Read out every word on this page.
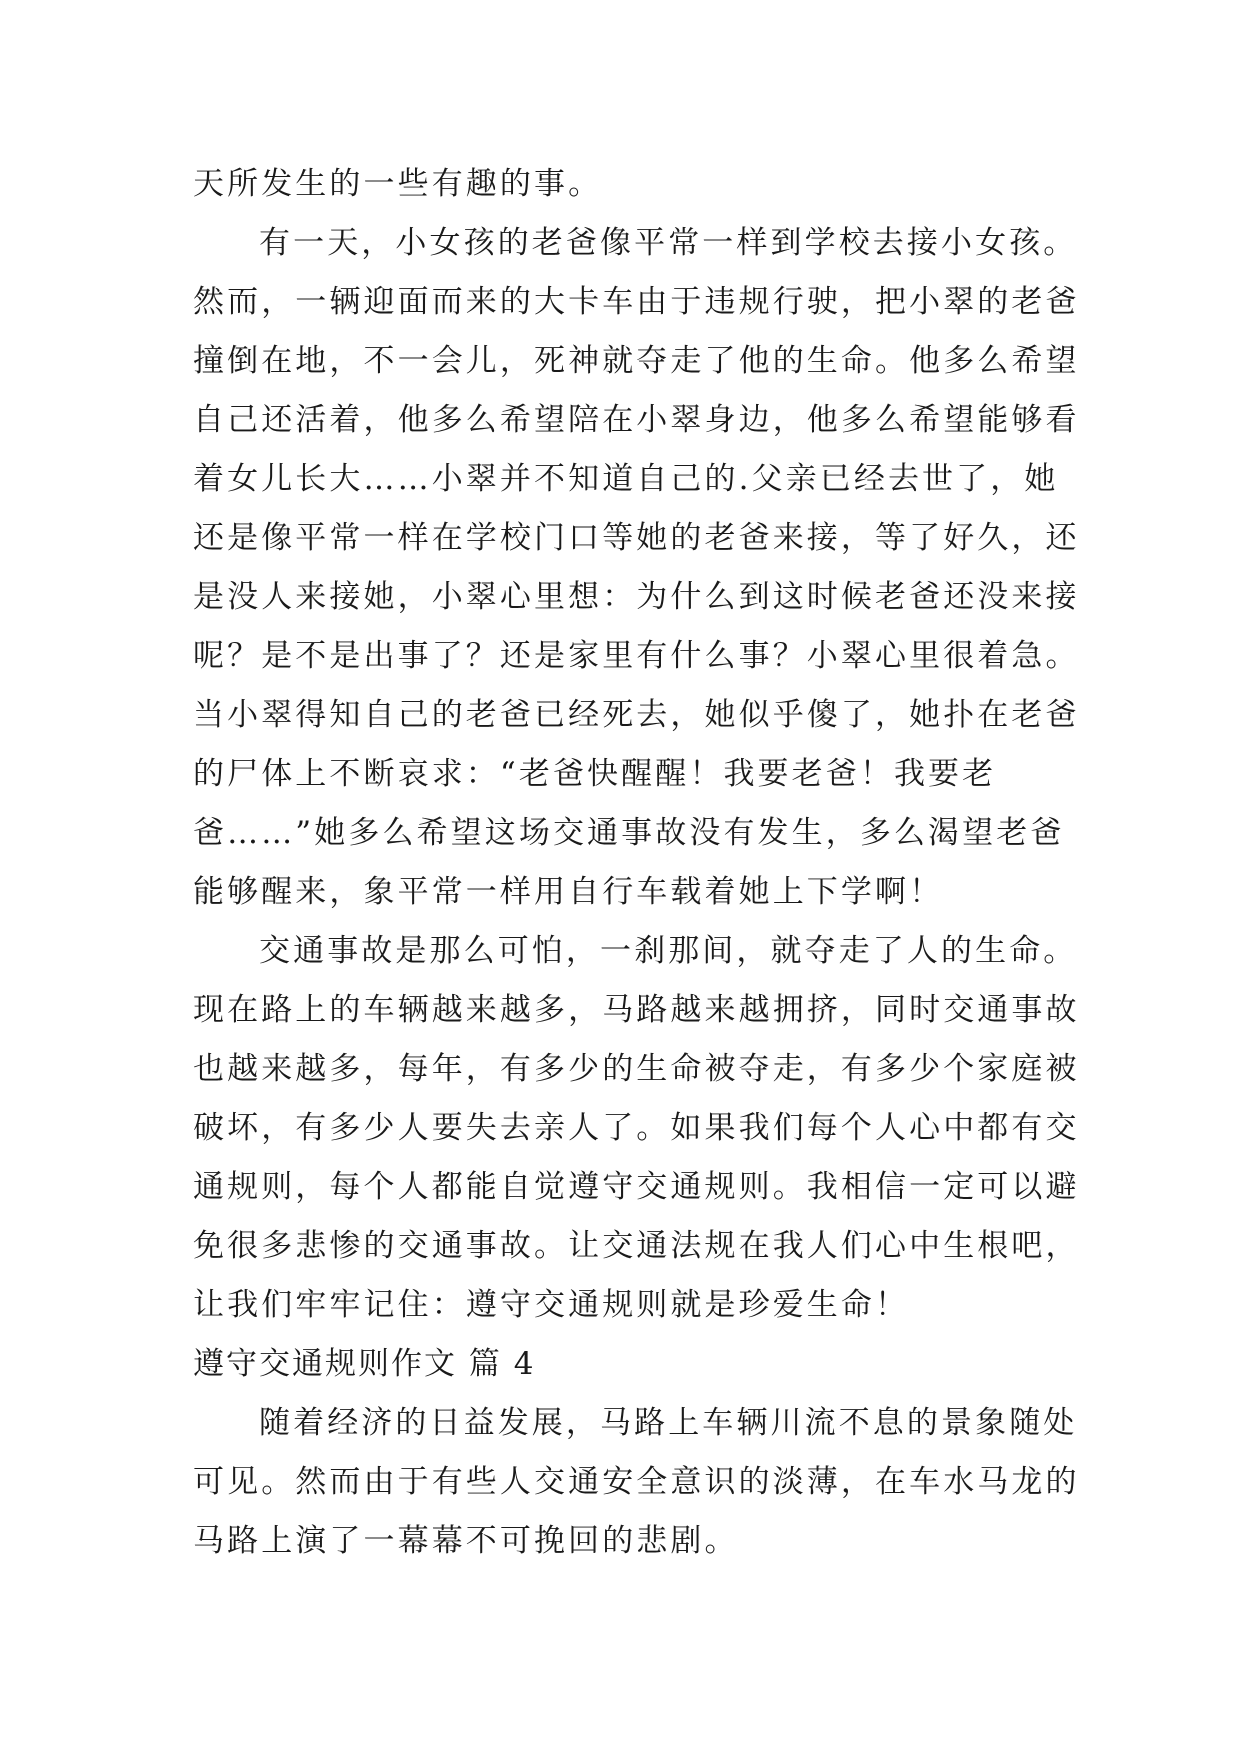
天所发生的一些有趣的事。
有一天，小女孩的老爸像平常一样到学校去接小女孩。
然而，一辆迎面而来的大卡车由于违规行驶，把小翠的老爸
撞倒在地，不一会儿，死神就夺走了他的生命。他多么希望
自己还活着，他多么希望陪在小翠身边，他多么希望能够看
着女儿长大……小翠并不知道自己的.父亲已经去世了，她
还是像平常一样在学校门口等她的老爸来接，等了好久，还
是没人来接她，小翠心里想：为什么到这时候老爸还没来接
呢？是不是出事了？还是家里有什么事？小翠心里很着急。
当小翠得知自己的老爸已经死去，她似乎傻了，她扑在老爸
的尸体上不断哀求：“老爸快醒醒！我要老爸！我要老
爸……”她多么希望这场交通事故没有发生，多么渴望老爸
能够醒来，象平常一样用自行车载着她上下学啊！
交通事故是那么可怕，一刹那间，就夺走了人的生命。
现在路上的车辆越来越多，马路越来越拥挤，同时交通事故
也越来越多，每年，有多少的生命被夺走，有多少个家庭被
破坏，有多少人要失去亲人了。如果我们每个人心中都有交
通规则，每个人都能自觉遵守交通规则。我相信一定可以避
免很多悲惨的交通事故。让交通法规在我人们心中生根吧，
让我们牢牢记住：遵守交通规则就是珍爱生命！
遵守交通规则作文 篇 4
随着经济的日益发展，马路上车辆川流不息的景象随处
可见。然而由于有些人交通安全意识的淡薄，在车水马龙的
马路上演了一幕幕不可挽回的悲剧。
